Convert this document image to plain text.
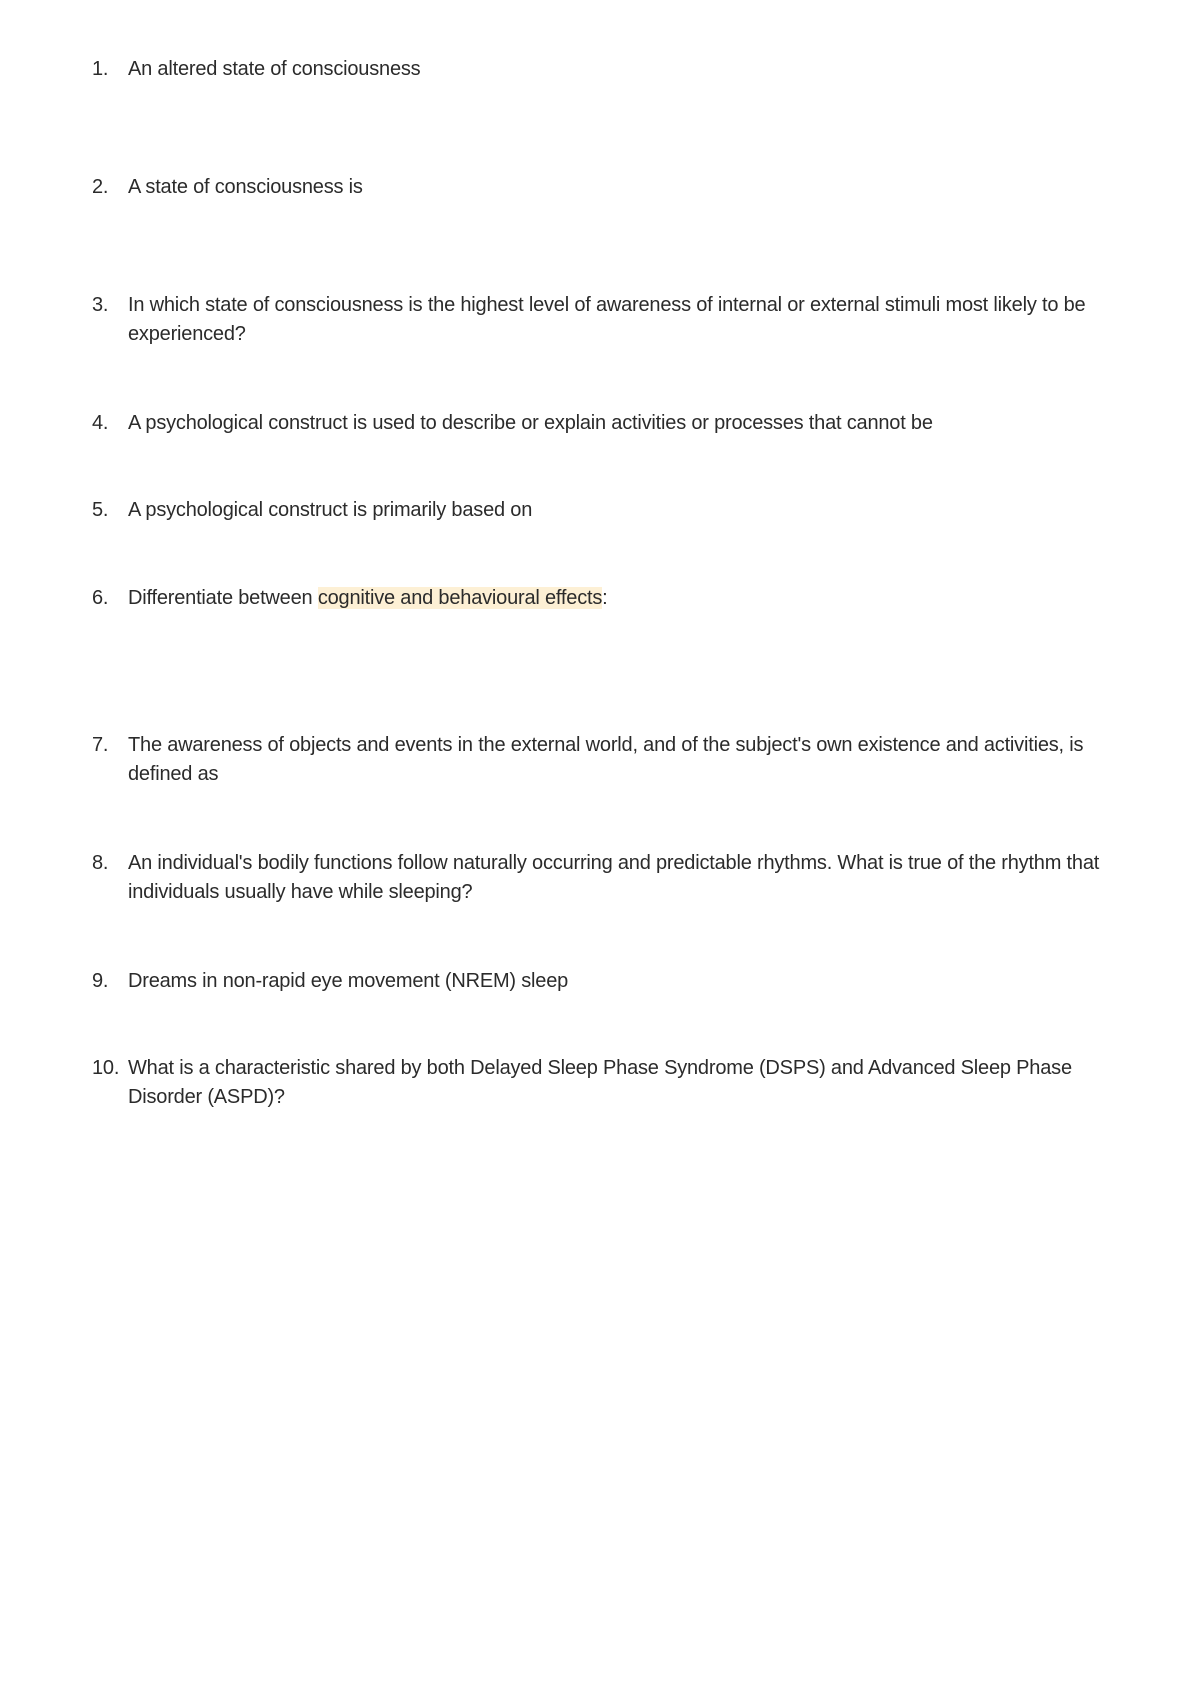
1. An altered state of consciousness
2. A state of consciousness is
3. In which state of consciousness is the highest level of awareness of internal or external stimuli most likely to be experienced?
4. A psychological construct is used to describe or explain activities or processes that cannot be
5. A psychological construct is primarily based on
6. Differentiate between cognitive and behavioural effects:
7. The awareness of objects and events in the external world, and of the subject's own existence and activities, is defined as
8. An individual's bodily functions follow naturally occurring and predictable rhythms. What is true of the rhythm that individuals usually have while sleeping?
9. Dreams in non-rapid eye movement (NREM) sleep
10. What is a characteristic shared by both Delayed Sleep Phase Syndrome (DSPS) and Advanced Sleep Phase Disorder (ASPD)?
